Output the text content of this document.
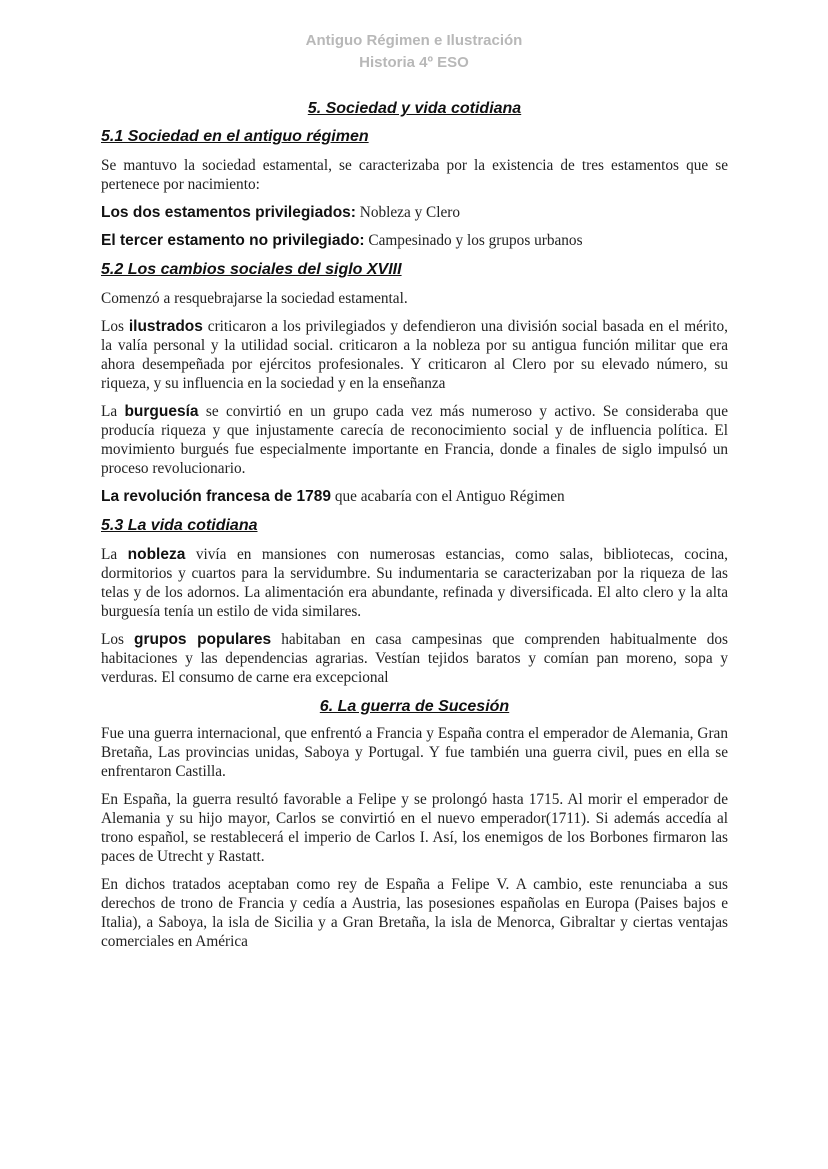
Antiguo Régimen e Ilustración
Historia 4º ESO
5. Sociedad y vida cotidiana
5.1 Sociedad en el antiguo régimen

Se mantuvo la sociedad estamental, se caracterizaba por la existencia de tres estamentos que se pertenece por nacimiento:

Los dos estamentos privilegiados: Nobleza y Clero

El tercer estamento no privilegiado: Campesinado y los grupos urbanos

5.2 Los cambios sociales del siglo XVIII

Comenzó a resquebrajarse la sociedad estamental.

Los ilustrados criticaron a los privilegiados y defendieron una división social basada en el mérito, la valía personal y la utilidad social. criticaron a la nobleza por su antigua función militar que era ahora desempeñada por ejércitos profesionales. Y criticaron al Clero por su elevado número, su riqueza, y su influencia en la sociedad y en la enseñanza

La burguesía se convirtió en un grupo cada vez más numeroso y activo. Se consideraba que producía riqueza y que injustamente carecía de reconocimiento social y de influencia política. El movimiento burgués fue especialmente importante en Francia, donde a finales de siglo impulsó un proceso revolucionario.

La revolución francesa de 1789 que acabaría con el Antiguo Régimen

5.3 La vida cotidiana

La nobleza vivía en mansiones con numerosas estancias, como salas, bibliotecas, cocina, dormitorios y cuartos para la servidumbre. Su indumentaria se caracterizaban por la riqueza de las telas y de los adornos. La alimentación era abundante, refinada y diversificada. El alto clero y la alta burguesía tenía un estilo de vida similares.

Los grupos populares habitaban en casa campesinas que comprenden habitualmente dos habitaciones y las dependencias agrarias. Vestían tejidos baratos y comían pan moreno, sopa y verduras. El consumo de carne era excepcional

6. La guerra de Sucesión

Fue una guerra internacional, que enfrentó a Francia y España contra el emperador de Alemania, Gran Bretaña, Las provincias unidas, Saboya y Portugal. Y fue también una guerra civil, pues en ella se enfrentaron Castilla.

En España, la guerra resultó favorable a Felipe y se prolongó hasta 1715. Al morir el emperador de Alemania y su hijo mayor, Carlos se convirtió en el nuevo emperador(1711). Si además accedía al trono español, se restablecerá el imperio de Carlos I. Así, los enemigos de los Borbones firmaron las paces de Utrecht y Rastatt.

En dichos tratados aceptaban como rey de España a Felipe V. A cambio, este renunciaba a sus derechos de trono de Francia y cedía a Austria, las posesiones españolas en Europa (Paises bajos e Italia), a Saboya, la isla de Sicilia y a Gran Bretaña, la isla de Menorca, Gibraltar y ciertas ventajas comerciales en América
